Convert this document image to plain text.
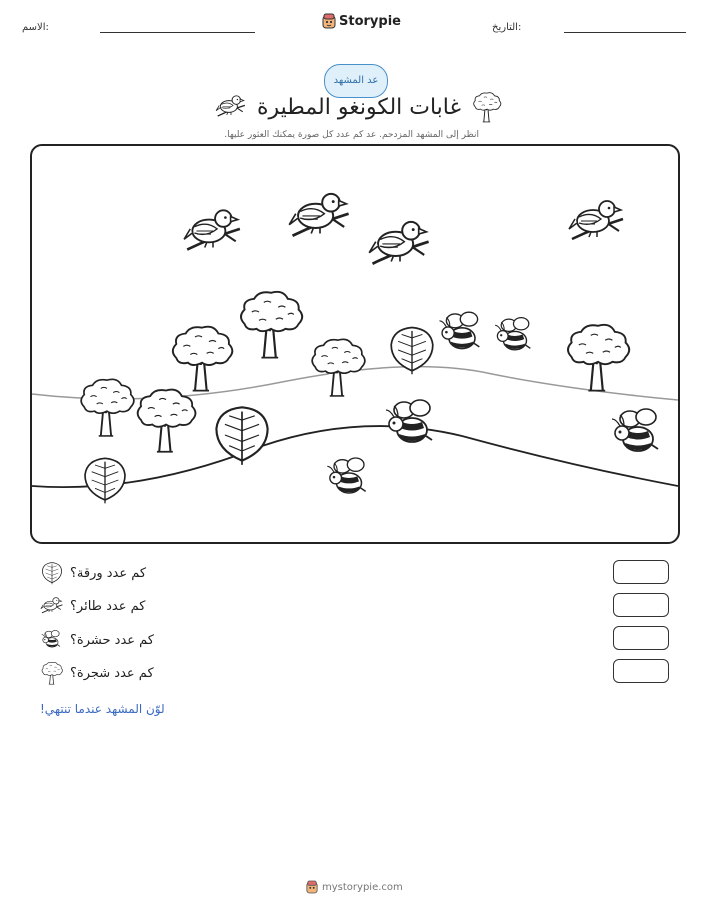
الاسم:	Storypie	التاريخ:
عد المشهد
غابات الكونغو المطيرة
انظر إلى المشهد المزدحم. عد كم عدد كل صورة يمكنك العثور عليها.
كم عدد ورقة؟
كم عدد طائر؟
كم عدد حشرة؟
كم عدد شجرة؟
لوّن المشهد عندما تنتهي!
mystorypie.com
